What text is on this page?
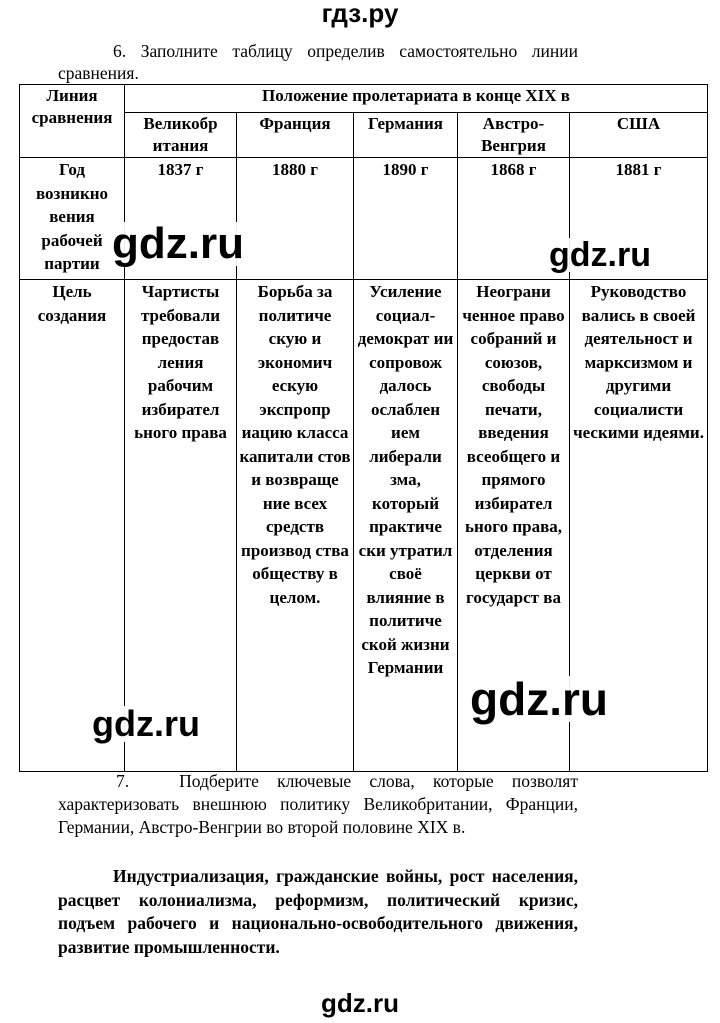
гдз.ру
6. Заполните таблицу определив самостоятельно линии сравнения.
Линия сравнения	Положение пролетариата в конце XIX в				
	Великобр итания	Франция	Германия	Австро-Венгрия	США
Год возникно вения рабочей партии	1837 г	1880 г	1890 г	1868 г	1881 г
Цель создания	Чартисты требовали предостав ления рабочим избирател ьного права	Борьба за политиче скую и экономич ескую экспропр иацию класса капитали стов и возвраще ние всех средств производ ства обществу в целом.	Усиление социал-демократ ии сопровож далось ослаблен ием либерали зма, который практиче ски утратил своё влияние в политиче ской жизни Германии	Неограни ченное право собраний и союзов, свободы печати, введения всеобщего и прямого избирател ьного права, отделения церкви от государст ва	Руководство вались в своей деятельност и марксизмом и другими социалисти ческими идеями.
gdz.ru	gdz.ru
gdz.ru
gdz.ru
7.	Подберите ключевые слова, которые позволят характеризовать внешнюю политику Великобритании, Франции, Германии, Австро-Венгрии во второй половине XIX в.
Индустриализация, гражданские войны, рост населения, расцвет колониализма, реформизм, политический кризис, подъем рабочего и национально-освободительного движения, развитие промышленности.
gdz.ru
